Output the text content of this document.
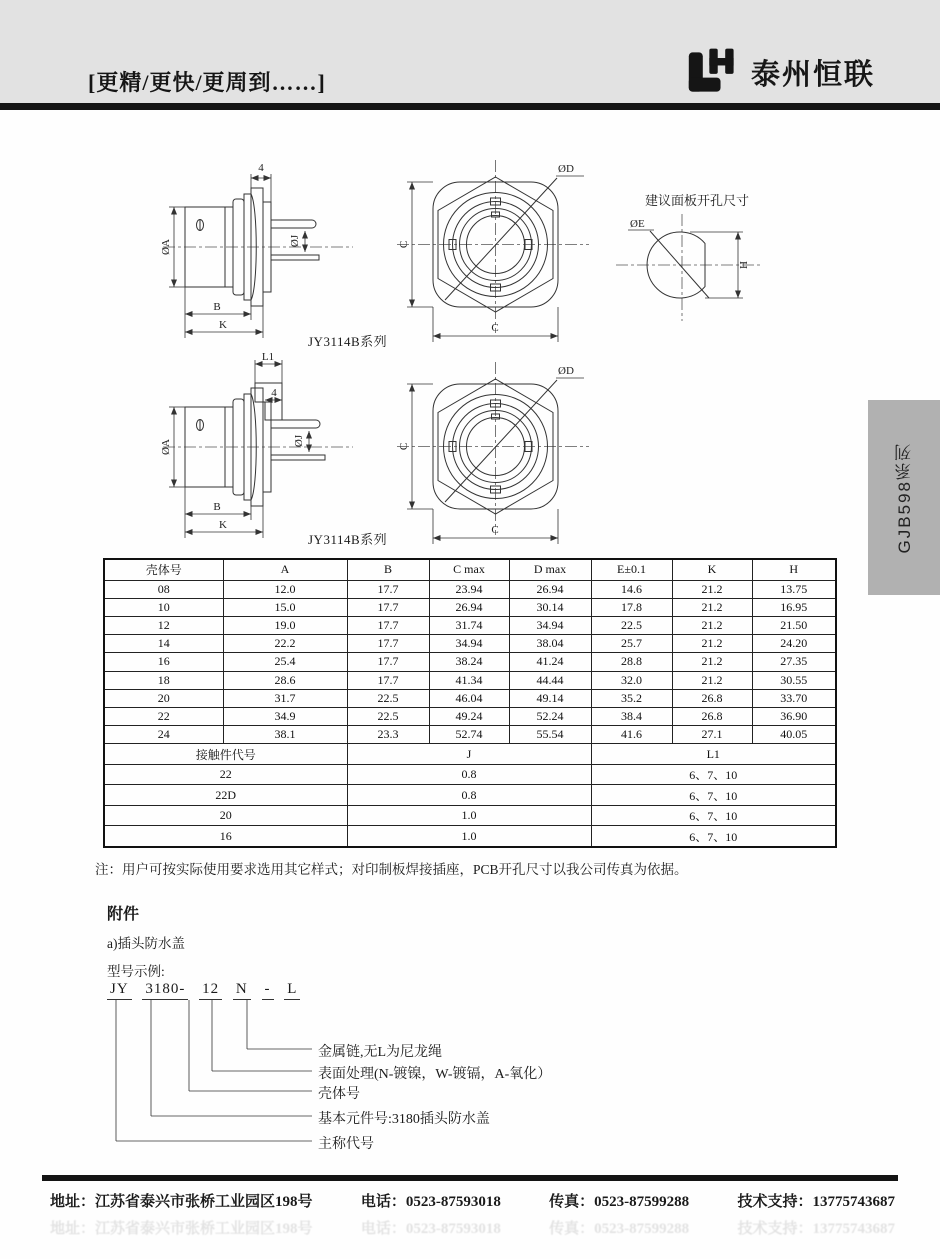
[更精/更快/更周到……]	泰州恒联
GJB598系列
ØA
4
ØJ
B
K
ØD
C
C
建议面板开孔尺寸
ØE
H
JY3114B系列
L1
4
ØA	ØJ
B
K
ØD
C
C
JY3114B系列
壳体号	A	B	C max	D max	E±0.1	K	H
08	12.0	17.7	23.94	26.94	14.6	21.2	13.75
10	15.0	17.7	26.94	30.14	17.8	21.2	16.95
12	19.0	17.7	31.74	34.94	22.5	21.2	21.50
14	22.2	17.7	34.94	38.04	25.7	21.2	24.20
16	25.4	17.7	38.24	41.24	28.8	21.2	27.35
18	28.6	17.7	41.34	44.44	32.0	21.2	30.55
20	31.7	22.5	46.04	49.14	35.2	26.8	33.70
22	34.9	22.5	49.24	52.24	38.4	26.8	36.90
24	38.1	23.3	52.74	55.54	41.6	27.1	40.05
接触件代号		J			L1		
22		0.8			6、7、10		
22D		0.8			6、7、10		
20		1.0			6、7、10		
16		1.0			6、7、10		
注：用户可按实际使用要求选用其它样式；对印制板焊接插座，PCB开孔尺寸以我公司传真为依据。
附件
a)插头防水盖
型号示例:
JY 3180- 12 N - L
金属链,无L为尼龙绳
表面处理(N-镀镍，W-镀镉，A-氧化）
壳体号
基本元件号:3180插头防水盖
主称代号
地址：江苏省泰兴市张桥工业园区198号	电话：0523-87593018	传真：0523-87599288	技术支持：13775743687
地址：江苏省泰兴市张桥工业园区198号	电话：0523-87593018	传真：0523-87599288	技术支持：13775743687
